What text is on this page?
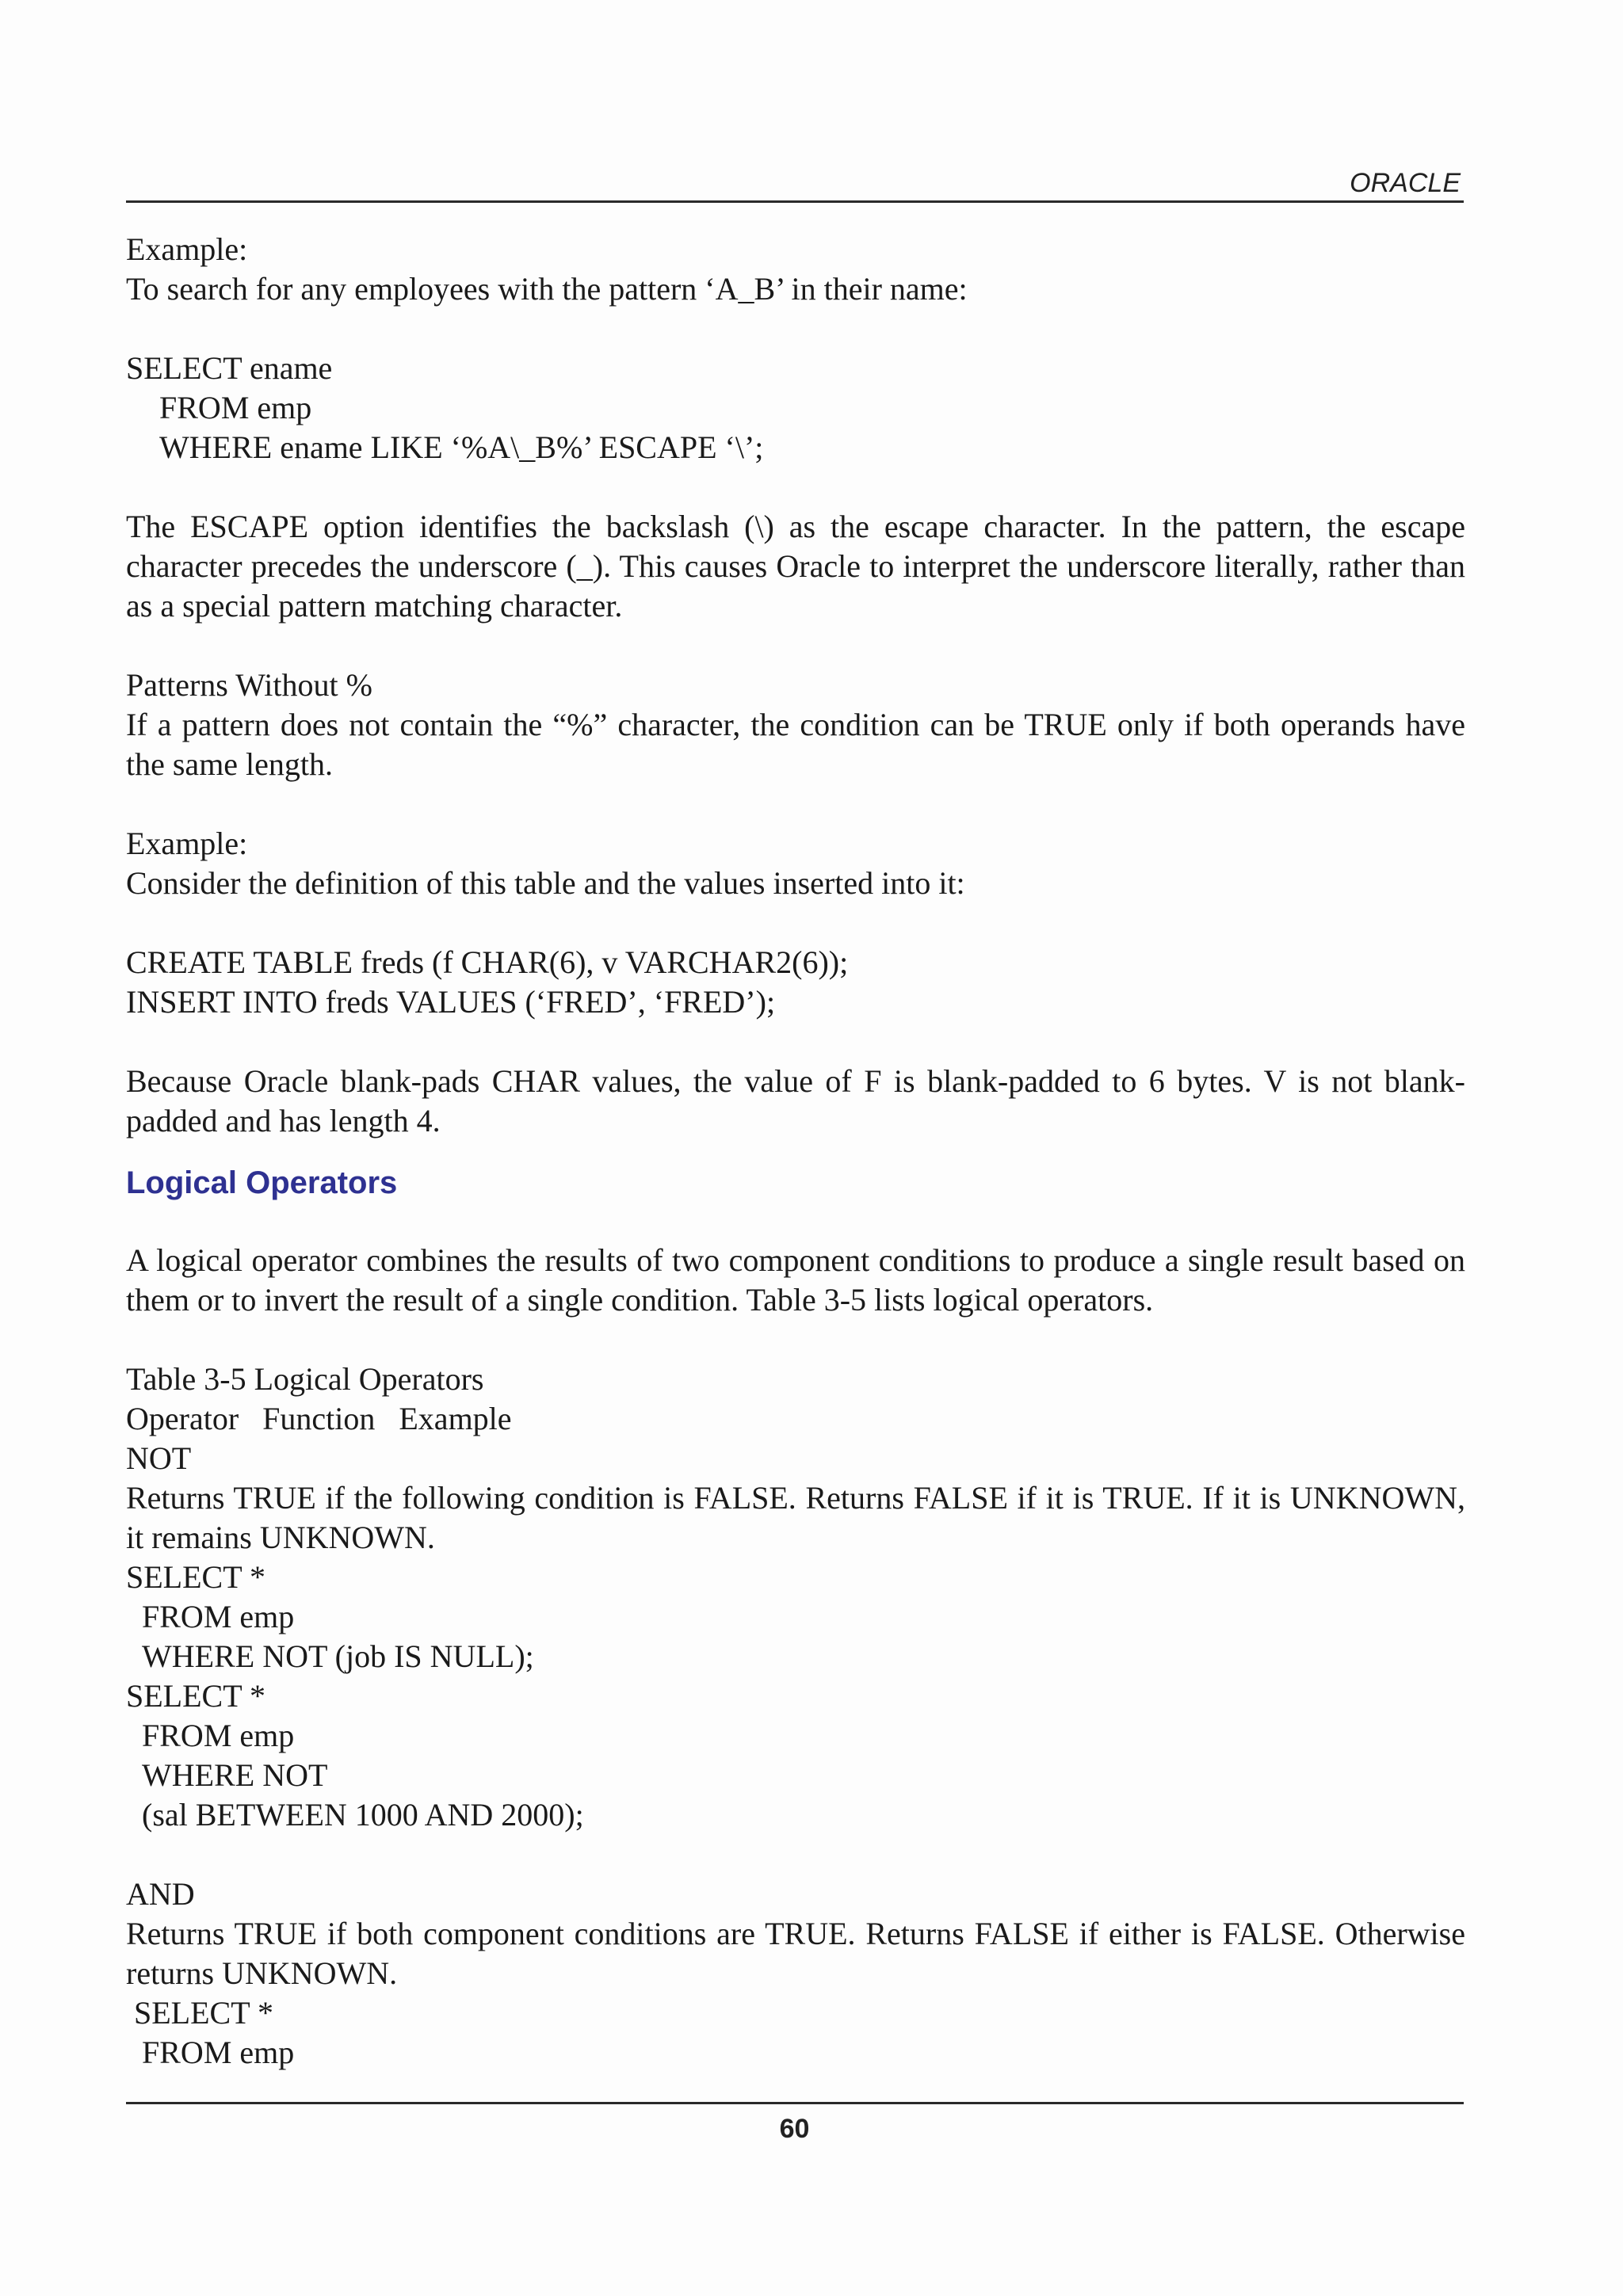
ORACLE
Example:
To search for any employees with the pattern ‘A_B’ in their name:
SELECT ename
FROM emp
WHERE ename LIKE ‘%A\_B%’ ESCAPE ‘\’;
The ESCAPE option identifies the backslash (\) as the escape character. In the pattern, the escape character precedes the underscore (_). This causes Oracle to interpret the underscore literally, rather than as a special pattern matching character.
Patterns Without %
If a pattern does not contain the “%” character, the condition can be TRUE only if both operands have the same length.
Example:
Consider the definition of this table and the values inserted into it:
CREATE TABLE freds (f CHAR(6), v VARCHAR2(6));
INSERT INTO freds VALUES (‘FRED’, ‘FRED’);
Because Oracle blank-pads CHAR values, the value of F is blank-padded to 6 bytes. V is not blank-padded and has length 4.
Logical Operators
A logical operator combines the results of two component conditions to produce a single result based on them or to invert the result of a single condition. Table 3-5 lists logical operators.
Table 3-5 Logical Operators
Operator   Function   Example
NOT
Returns TRUE if the following condition is FALSE. Returns FALSE if it is TRUE. If it is UNKNOWN, it remains UNKNOWN.
SELECT *
FROM emp
WHERE NOT (job IS NULL);
SELECT *
FROM emp
WHERE NOT
(sal BETWEEN 1000 AND 2000);
AND
Returns TRUE if both component conditions are TRUE. Returns FALSE if either is FALSE. Otherwise returns UNKNOWN.
SELECT *
FROM emp
60
